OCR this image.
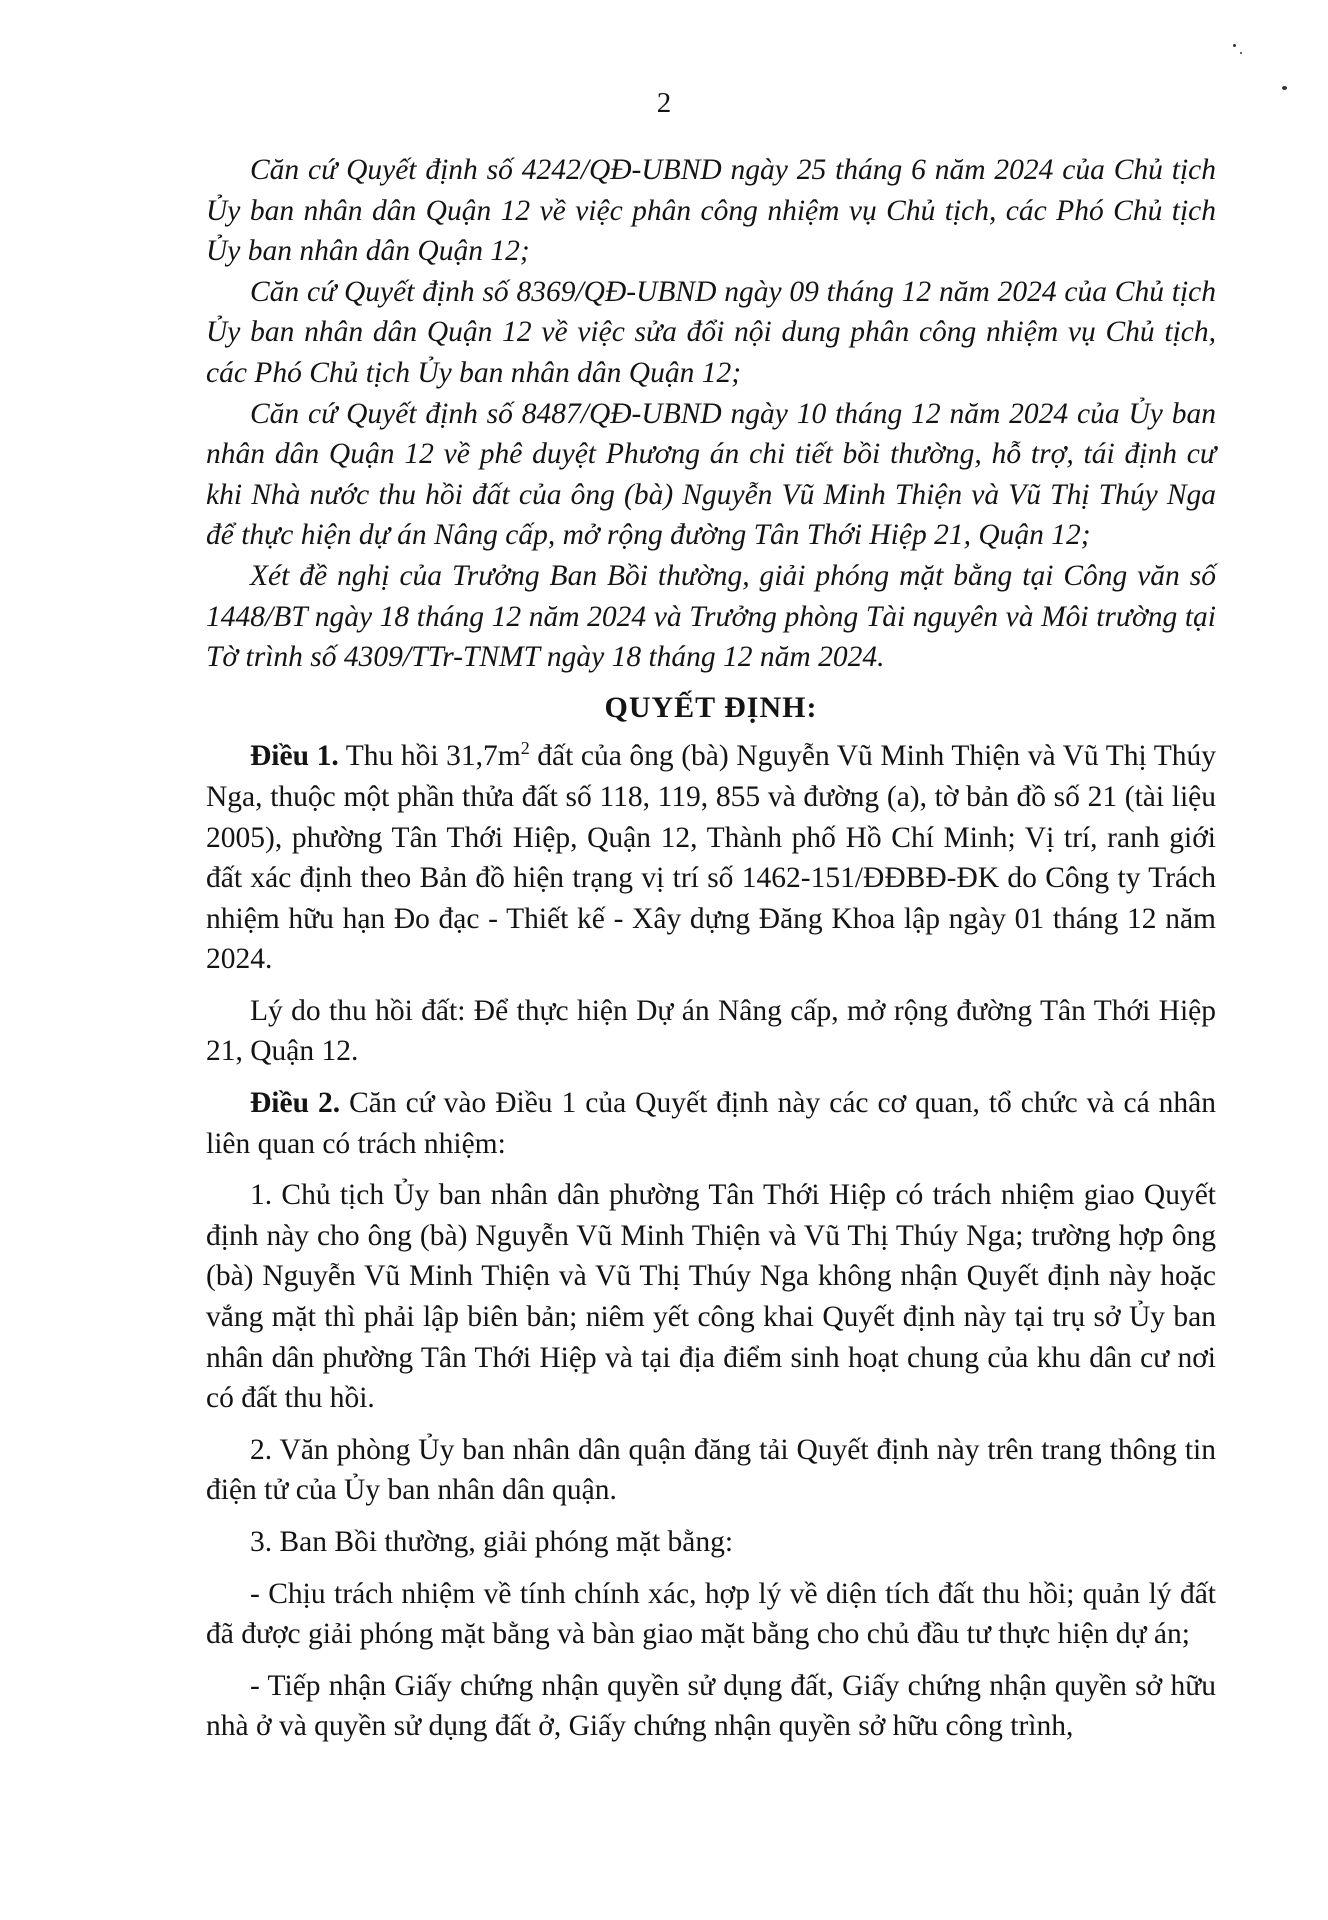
2

Căn cứ Quyết định số 4242/QĐ-UBND ngày 25 tháng 6 năm 2024 của Chủ tịch Ủy ban nhân dân Quận 12 về việc phân công nhiệm vụ Chủ tịch, các Phó Chủ tịch Ủy ban nhân dân Quận 12;

Căn cứ Quyết định số 8369/QĐ-UBND ngày 09 tháng 12 năm 2024 của Chủ tịch Ủy ban nhân dân Quận 12 về việc sửa đổi nội dung phân công nhiệm vụ Chủ tịch, các Phó Chủ tịch Ủy ban nhân dân Quận 12;

Căn cứ Quyết định số 8487/QĐ-UBND ngày 10 tháng 12 năm 2024 của Ủy ban nhân dân Quận 12 về phê duyệt Phương án chi tiết bồi thường, hỗ trợ, tái định cư khi Nhà nước thu hồi đất của ông (bà) Nguyễn Vũ Minh Thiện và Vũ Thị Thúy Nga để thực hiện dự án Nâng cấp, mở rộng đường Tân Thới Hiệp 21, Quận 12;

Xét đề nghị của Trưởng Ban Bồi thường, giải phóng mặt bằng tại Công văn số 1448/BT ngày 18 tháng 12 năm 2024 và Trưởng phòng Tài nguyên và Môi trường tại Tờ trình số 4309/TTr-TNMT ngày 18 tháng 12 năm 2024.

QUYẾT ĐỊNH:

Điều 1. Thu hồi $31,7m^2$ đất của ông (bà) Nguyễn Vũ Minh Thiện và Vũ Thị Thúy Nga, thuộc một phần thửa đất số 118, 119, 855 và đường (a), tờ bản đồ số 21 (tài liệu 2005), phường Tân Thới Hiệp, Quận 12, Thành phố Hồ Chí Minh; Vị trí, ranh giới đất xác định theo Bản đồ hiện trạng vị trí số 1462-151/ĐĐBĐ-ĐK do Công ty Trách nhiệm hữu hạn Đo đạc - Thiết kế - Xây dựng Đăng Khoa lập ngày 01 tháng 12 năm 2024.

Lý do thu hồi đất: Để thực hiện Dự án Nâng cấp, mở rộng đường Tân Thới Hiệp 21, Quận 12.

Điều 2. Căn cứ vào Điều 1 của Quyết định này các cơ quan, tổ chức và cá nhân liên quan có trách nhiệm:

1. Chủ tịch Ủy ban nhân dân phường Tân Thới Hiệp có trách nhiệm giao Quyết định này cho ông (bà) Nguyễn Vũ Minh Thiện và Vũ Thị Thúy Nga; trường hợp ông (bà) Nguyễn Vũ Minh Thiện và Vũ Thị Thúy Nga không nhận Quyết định này hoặc vắng mặt thì phải lập biên bản; niêm yết công khai Quyết định này tại trụ sở Ủy ban nhân dân phường Tân Thới Hiệp và tại địa điểm sinh hoạt chung của khu dân cư nơi có đất thu hồi.

2. Văn phòng Ủy ban nhân dân quận đăng tải Quyết định này trên trang thông tin điện tử của Ủy ban nhân dân quận.

3. Ban Bồi thường, giải phóng mặt bằng:

- Chịu trách nhiệm về tính chính xác, hợp lý về diện tích đất thu hồi; quản lý đất đã được giải phóng mặt bằng và bàn giao mặt bằng cho chủ đầu tư thực hiện dự án;

- Tiếp nhận Giấy chứng nhận quyền sử dụng đất, Giấy chứng nhận quyền sở hữu nhà ở và quyền sử dụng đất ở, Giấy chứng nhận quyền sở hữu công trình,
